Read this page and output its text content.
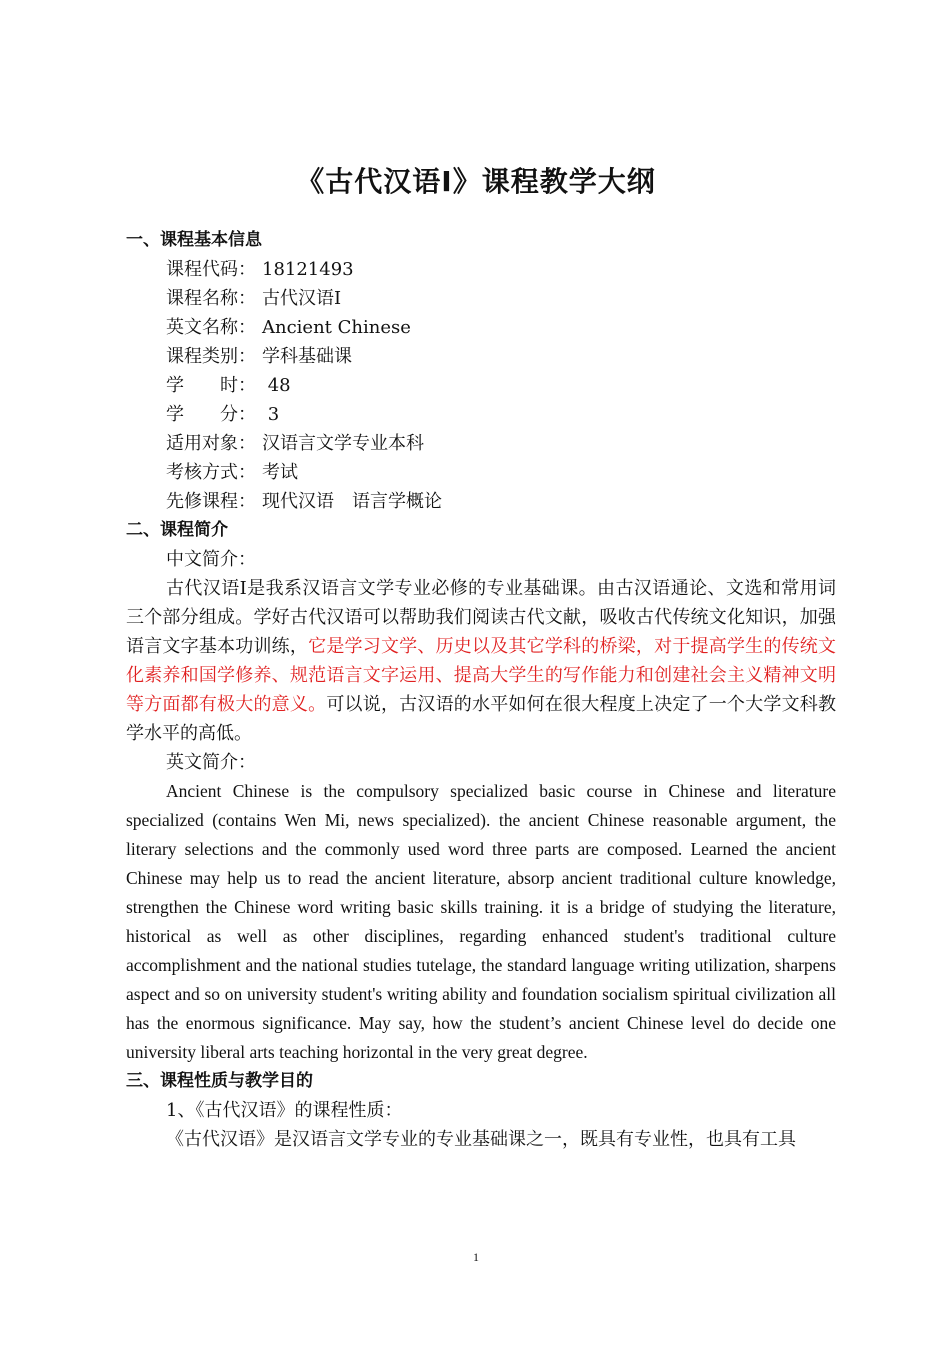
《古代汉语Ⅰ》课程教学大纲
一、课程基本信息
课程代码： 18121493
课程名称： 古代汉语Ⅰ
英文名称： Ancient Chinese
课程类别： 学科基础课
学　　时： 48
学　　分： 3
适用对象： 汉语言文学专业本科
考核方式： 考试
先修课程： 现代汉语　语言学概论
二、课程简介
中文简介：

古代汉语Ⅰ是我系汉语言文学专业必修的专业基础课。由古汉语通论、文选和常用词三个部分组成。学好古代汉语可以帮助我们阅读古代文献，吸收古代传统文化知识，加强语言文字基本功训练，它是学习文学、历史以及其它学科的桥梁，对于提高学生的传统文化素养和国学修养、规范语言文字运用、提高大学生的写作能力和创建社会主义精神文明等方面都有极大的意义。可以说，古汉语的水平如何在很大程度上决定了一个大学文科教学水平的高低。

英文简介：

Ancient Chinese is the compulsory specialized basic course in Chinese and literature specialized (contains Wen Mi, news specialized). the ancient Chinese reasonable argument, the literary selections and the commonly used word three parts are composed. Learned the ancient Chinese may help us to read the ancient literature, absorp ancient traditional culture knowledge, strengthen the Chinese word writing basic skills training. it is a bridge of studying the literature, historical as well as other disciplines, regarding enhanced student's traditional culture accomplishment and the national studies tutelage, the standard language writing utilization, sharpens aspect and so on university student's writing ability and foundation socialism spiritual civilization all has the enormous significance. May say, how the student’s ancient Chinese level do decide one university liberal arts teaching horizontal in the very great degree.

三、课程性质与教学目的
1、《古代汉语》的课程性质：

《古代汉语》是汉语言文学专业的专业基础课之一，既具有专业性，也具有工具

1
